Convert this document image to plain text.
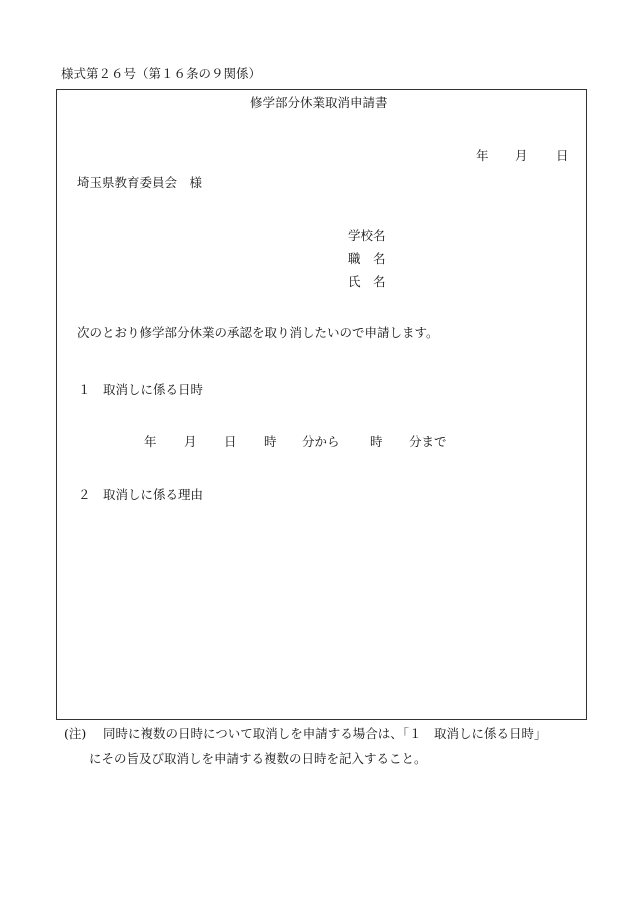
様式第２６号（第１６条の９関係）
修学部分休業取消申請書
年 月 日
埼玉県教育委員会　様
学校名
職　名
氏　名
次のとおり修学部分休業の承認を取り消したいので申請します。
１ 取消しに係る日時
年 月 日 時 分から 時 分まで
２ 取消しに係る理由
(注) 同時に複数の日時について取消しを申請する場合は、「１　取消しに係る日時」
にその旨及び取消しを申請する複数の日時を記入すること。
